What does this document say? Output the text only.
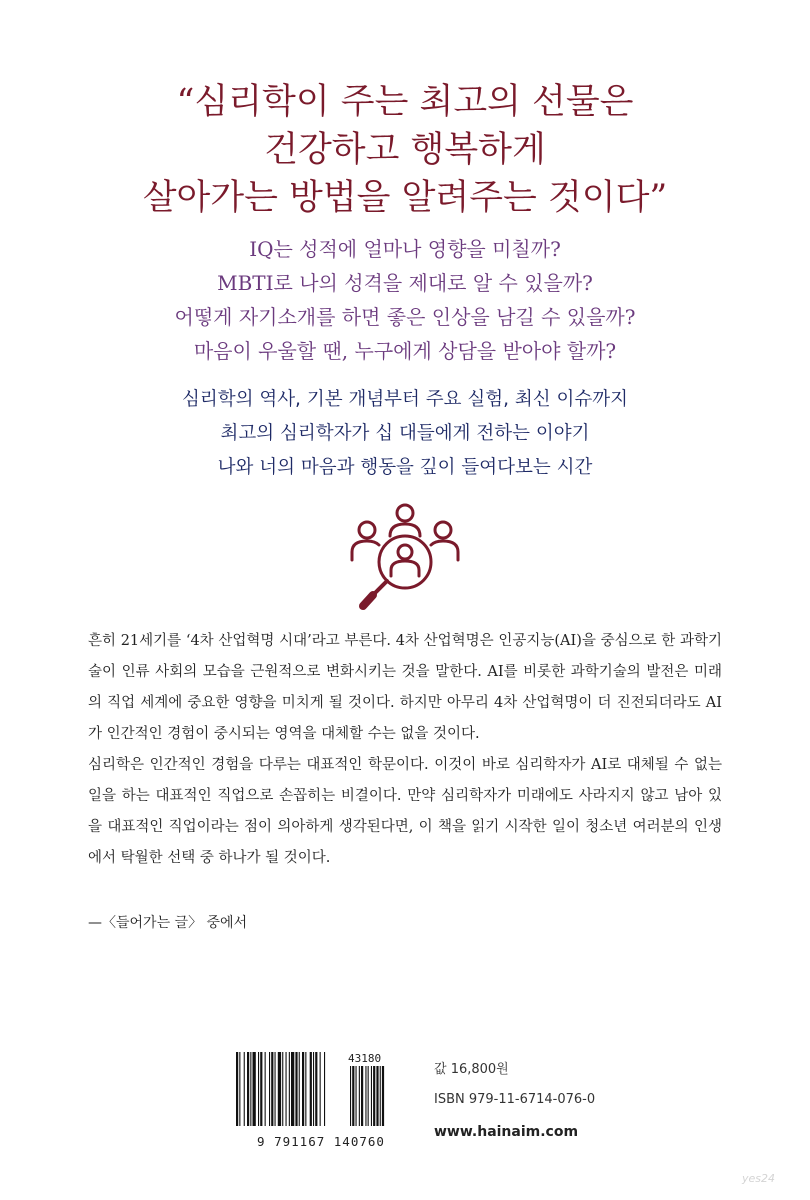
“심리학이 주는 최고의 선물은
건강하고 행복하게
살아가는 방법을 알려주는 것이다”
IQ는 성적에 얼마나 영향을 미칠까?
MBTI로 나의 성격을 제대로 알 수 있을까?
어떻게 자기소개를 하면 좋은 인상을 남길 수 있을까?
마음이 우울할 땐, 누구에게 상담을 받아야 할까?
심리학의 역사, 기본 개념부터 주요 실험, 최신 이슈까지
최고의 심리학자가 십 대들에게 전하는 이야기
나와 너의 마음과 행동을 깊이 들여다보는 시간

흔히 21세기를 ‘4차 산업혁명 시대’라고 부른다. 4차 산업혁명은 인공지능(AI)을 중심으로 한 과학기술이 인류 사회의 모습을 근원적으로 변화시키는 것을 말한다. AI를 비롯한 과학기술의 발전은 미래의 직업 세계에 중요한 영향을 미치게 될 것이다. 하지만 아무리 4차 산업혁명이 더 진전되더라도 AI가 인간적인 경험이 중시되는 영역을 대체할 수는 없을 것이다.

심리학은 인간적인 경험을 다루는 대표적인 학문이다. 이것이 바로 심리학자가 AI로 대체될 수 없는 일을 하는 대표적인 직업으로 손꼽히는 비결이다. 만약 심리학자가 미래에도 사라지지 않고 남아 있을 대표적인 직업이라는 점이 의아하게 생각된다면, 이 책을 읽기 시작한 일이 청소년 여러분의 인생에서 탁월한 선택 중 하나가 될 것이다.

—〈들어가는 글〉 중에서
43180
9 791167 140760
값 16,800원
ISBN 979-11-6714-076-0
www.hainaim.com
yes24
